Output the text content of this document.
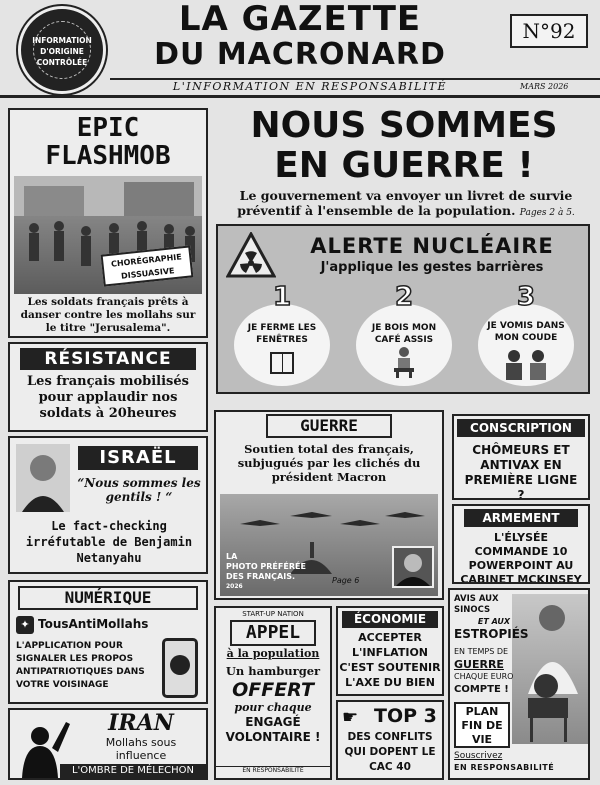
INFORMATION
D'ORIGINE
CONTRÔLÉE
LA GAZETTE
DU MACRONARD
N°92
L'INFORMATION EN RESPONSABILITÉ	MARS 2026
EPIC
FLASHMOB
CHORÉGRAPHIE
DISSUASIVE
Les soldats français prêts à danser contre les mollahs sur le titre "Jerusalema".
RÉSISTANCE
Les français mobilisés pour applaudir nos soldats à 20heures
ISRAËL
“Nous sommes les gentils ! “
Le fact-checking irréfutable de Benjamin Netanyahu
NUMÉRIQUE
✦ TousAntiMollahs
L'APPLICATION POUR SIGNALER LES PROPOS ANTIPATRIOTIQUES DANS VOTRE VOISINAGE
IRAN
Mollahs sous
influence
L'OMBRE DE MÉLECHON
NOUS SOMMES
EN GUERRE !
Le gouvernement va envoyer un livret de survie préventif à l'ensemble de la population. Pages 2 à 5.
ALERTE NUCLÉAIRE
J'applique les gestes barrières
1
JE FERME LES FENÊTRES
2
JE BOIS MON CAFÉ ASSIS
3
JE VOMIS DANS MON COUDE
GUERRE
Soutien total des français, subjugués par les clichés du président Macron
LA
PHOTO PRÉFÉRÉE
DES FRANÇAIS.
2026
Page 6
CONSCRIPTION
CHÔMEURS ET ANTIVAX EN PREMIÈRE LIGNE ?
ARMEMENT
L'ÉLYSÉE COMMANDE 10 POWERPOINT AU CABINET MCKINSEY
START-UP NATION
APPEL
à la population
Un hamburger
OFFERT
pour chaque
ENGAGÉ
VOLONTAIRE !
EN RESPONSABILITÉ
ÉCONOMIE
ACCEPTER
L'INFLATION
C'EST SOUTENIR
L'AXE DU BIEN
☛ TOP 3
DES CONFLITS QUI DOPENT LE CAC 40
AVIS AUX SINOCS
ET AUX
ESTROPIÉS
EN TEMPS DE
GUERRE
CHAQUE EURO
COMPTE !
PLAN FIN DE VIE
Souscrivez
EN RESPONSABILITÉ
